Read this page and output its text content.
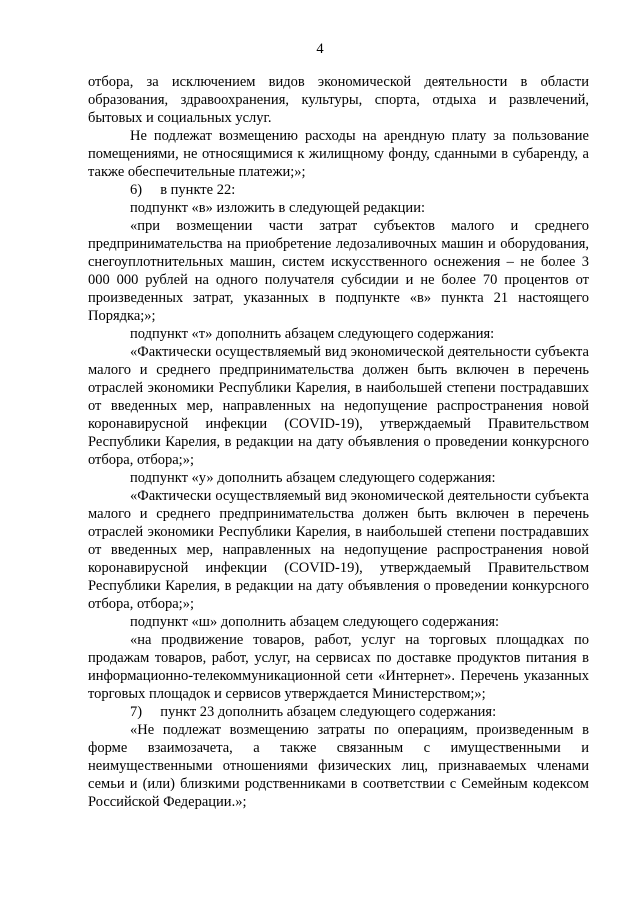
4

отбора, за исключением видов экономической деятельности в области образования, здравоохранения, культуры, спорта, отдыха и развлечений, бытовых и социальных услуг.

Не подлежат возмещению расходы на арендную плату за пользование помещениями, не относящимися к жилищному фонду, сданными в субаренду, а также обеспечительные платежи;»;

6)     в пункте 22:

подпункт «в» изложить в следующей редакции:

«при возмещении части затрат субъектов малого и среднего предпринимательства на приобретение ледозаливочных машин и оборудования, снегоуплотнительных машин, систем искусственного оснежения – не более 3 000 000 рублей на одного получателя субсидии и не более 70 процентов от произведенных затрат, указанных в подпункте «в» пункта 21 настоящего Порядка;»;

подпункт «т» дополнить абзацем следующего содержания:

«Фактически осуществляемый вид экономической деятельности субъекта малого и среднего предпринимательства должен быть включен в перечень отраслей экономики Республики Карелия, в наибольшей степени пострадавших от введенных мер, направленных на недопущение распространения новой коронавирусной инфекции (COVID-19), утверждаемый Правительством Республики Карелия, в редакции на дату объявления о проведении конкурсного отбора, отбора;»;

подпункт «у» дополнить абзацем следующего содержания:

«Фактически осуществляемый вид экономической деятельности субъекта малого и среднего предпринимательства должен быть включен в перечень отраслей экономики Республики Карелия, в наибольшей степени пострадавших от введенных мер, направленных на недопущение распространения новой коронавирусной инфекции (COVID-19), утверждаемый Правительством Республики Карелия, в редакции на дату объявления о проведении конкурсного отбора, отбора;»;

подпункт «ш» дополнить абзацем следующего содержания:

«на продвижение товаров, работ, услуг на торговых площадках по продажам товаров, работ, услуг, на сервисах по доставке продуктов питания в информационно-телекоммуникационной сети «Интернет». Перечень указанных торговых площадок и сервисов утверждается Министерством;»;

7)     пункт 23 дополнить абзацем следующего содержания:

«Не подлежат возмещению затраты по операциям, произведенным в форме взаимозачета, а также связанным с имущественными и неимущественными отношениями физических лиц, признаваемых членами семьи и (или) близкими родственниками в соответствии с Семейным кодексом Российской Федерации.»;
